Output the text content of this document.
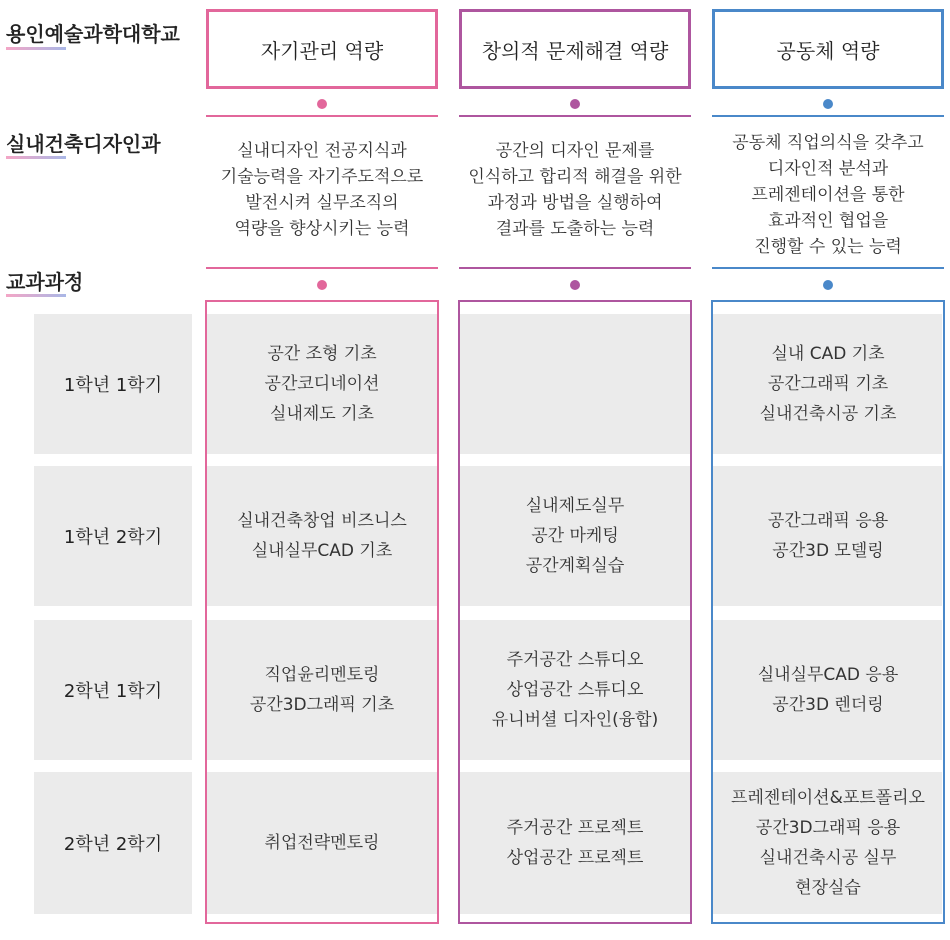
용인예술과학대학교
실내건축디자인과
교과과정
1학년 1학기
1학년 2학기
2학년 1학기
2학년 2학기
자기관리 역량
실내디자인 전공지식과
기술능력을 자기주도적으로
발전시켜 실무조직의
역량을 향상시키는 능력
공간 조형 기초
공간코디네이션
실내제도 기초
실내건축창업 비즈니스
실내실무CAD 기초
직업윤리멘토링
공간3D그래픽 기초
취업전략멘토링
창의적 문제해결 역량
공간의 디자인 문제를
인식하고 합리적 해결을 위한
과정과 방법을 실행하여
결과를 도출하는 능력
실내제도실무
공간 마케팅
공간계획실습
주거공간 스튜디오
상업공간 스튜디오
유니버셜 디자인(융합)
주거공간 프로젝트
상업공간 프로젝트
공동체 역량
공동체 직업의식을 갖추고
디자인적 분석과
프레젠테이션을 통한
효과적인 협업을
진행할 수 있는 능력
실내 CAD 기초
공간그래픽 기초
실내건축시공 기초
공간그래픽 응용
공간3D 모델링
실내실무CAD 응용
공간3D 렌더링
프레젠테이션&포트폴리오
공간3D그래픽 응용
실내건축시공 실무
현장실습
